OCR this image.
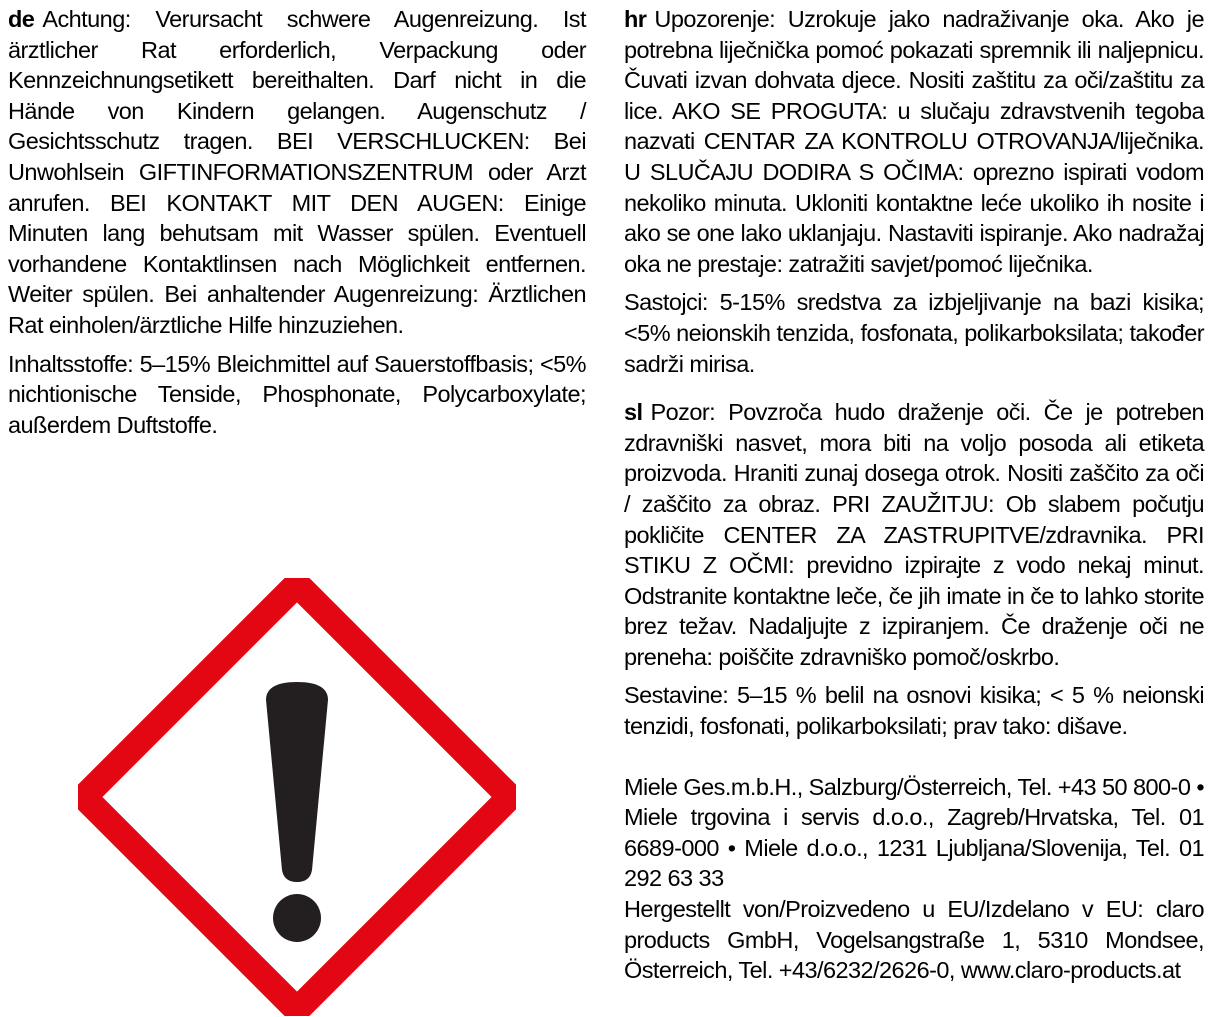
de Achtung: Verursacht schwere Augenreizung. Ist ärztlicher Rat erforderlich, Verpackung oder Kennzeichnungsetikett bereithalten. Darf nicht in die Hände von Kindern gelangen. Augenschutz / Gesichtsschutz tragen. BEI VERSCHLUCKEN: Bei Unwohlsein GIFTINFORMATIONSZENTRUM oder Arzt anrufen. BEI KONTAKT MIT DEN AUGEN: Einige Minuten lang behutsam mit Wasser spülen. Eventuell vorhandene Kontaktlinsen nach Möglichkeit entfernen. Weiter spülen. Bei anhaltender Augenreizung: Ärztlichen Rat einholen/ärztliche Hilfe hinzuziehen.

Inhaltsstoffe: 5–15% Bleichmittel auf Sauerstoffbasis; <5% nichtionische Tenside, Phosphonate, Polycarboxylate; außerdem Duftstoffe.

hr Upozorenje: Uzrokuje jako nadraživanje oka. Ako je potrebna liječnička pomoć pokazati spremnik ili naljepnicu. Čuvati izvan dohvata djece. Nositi zaštitu za oči/zaštitu za lice. AKO SE PROGUTA: u slučaju zdravstvenih tegoba nazvati CENTAR ZA KONTROLU OTROVANJA/liječnika. U SLUČAJU DODIRA S OČIMA: oprezno ispirati vodom nekoliko minuta. Ukloniti kontaktne leće ukoliko ih nosite i ako se one lako uklanjaju. Nastaviti ispiranje. Ako nadražaj oka ne prestaje: zatražiti savjet/pomoć liječnika.

Sastojci: 5-15% sredstva za izbjeljivanje na bazi kisika; <5% neionskih tenzida, fosfonata, polikarboksilata; također sadrži mirisa.

sl Pozor: Povzroča hudo draženje oči. Če je potreben zdravniški nasvet, mora biti na voljo posoda ali etiketa proizvoda. Hraniti zunaj dosega otrok. Nositi zaščito za oči / zaščito za obraz. PRI ZAUŽITJU: Ob slabem počutju pokličite CENTER ZA ZASTRUPITVE/zdravnika. PRI STIKU Z OČMI: previdno izpirajte z vodo nekaj minut. Odstranite kontaktne leče, če jih imate in če to lahko storite brez težav. Nadaljujte z izpiranjem. Če draženje oči ne preneha: poiščite zdravniško pomoč/oskrbo.

Sestavine: 5–15 % belil na osnovi kisika; < 5 % neionski tenzidi, fosfonati, polikarboksilati; prav tako: dišave.

Miele Ges.m.b.H., Salzburg/Österreich, Tel. +43 50 800-0 • Miele trgovina i servis d.o.o., Zagreb/Hrvatska, Tel. 01 6689-000 • Miele d.o.o., 1231 Ljubljana/Slovenija, Tel. 01 292 63 33

Hergestellt von/Proizvedeno u EU/Izdelano v EU: claro products GmbH, Vogelsangstraße 1, 5310 Mondsee, Österreich, Tel. +43/6232/2626-0, www.claro-products.at
